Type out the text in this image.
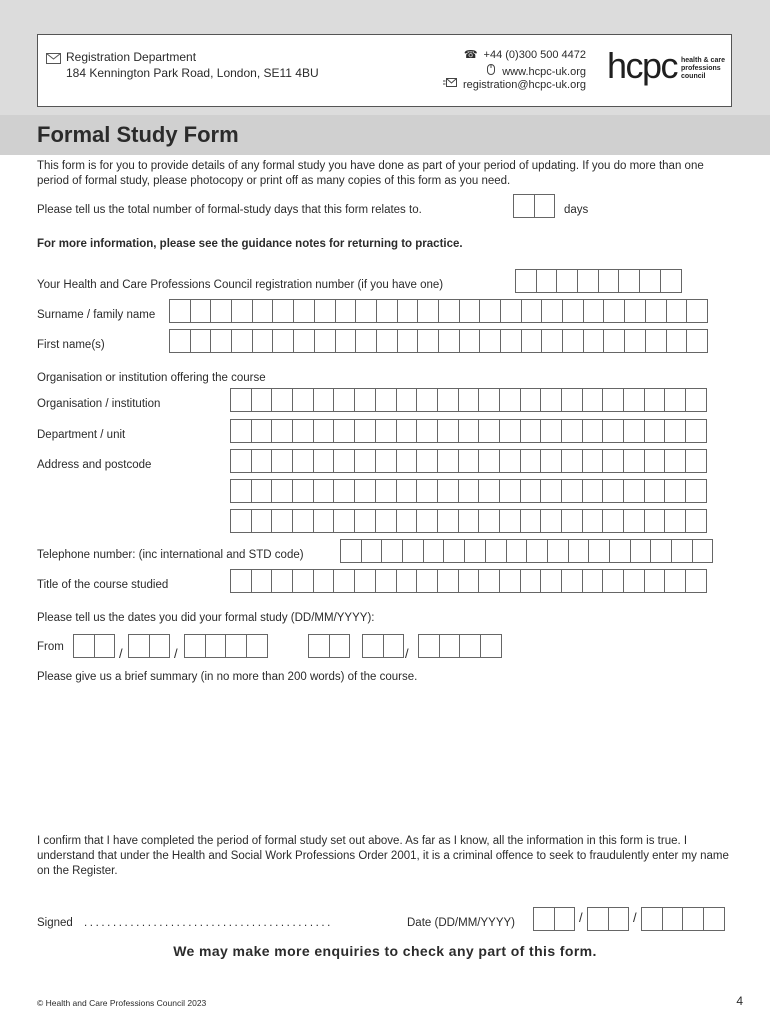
Registration Department
184 Kennington Park Road, London, SE11 4BU
☎ +44 (0)300 500 4472
www.hcpc-uk.org
registration@hcpc-uk.org hcpc health & care
professions
council
Formal Study Form
This form is for you to provide details of any formal study you have done as part of your period of updating. If you do more than one period of formal study, please photocopy or print off as many copies of this form as you need.
Please tell us the total number of formal-study days that this form relates to.	days
For more information, please see the guidance notes for returning to practice.
Your Health and Care Professions Council registration number (if you have one)
Surname / family name
First name(s)
Organisation or institution offering the course
Organisation / institution
Department / unit
Address and postcode
Telephone number: (inc international and STD code)
Title of the course studied
Please tell us the dates you did your formal study (DD/MM/YYYY):
From	/	/	/
Please give us a brief summary (in no more than 200 words) of the course.
I confirm that I have completed the period of formal study set out above. As far as I know, all the information in this form is true. I understand that under the Health and Social Work Professions Order 2001, it is a criminal offence to seek to fraudulently enter my name on the Register.
Signed . . . . . . . . . . . . . . . . . . . . . . . . . . . . . . . . . . . . . . . . . . .	Date (DD/MM/YYYY)	/	/
We may make more enquiries to check any part of this form.
© Health and Care Professions Council 2023	4
